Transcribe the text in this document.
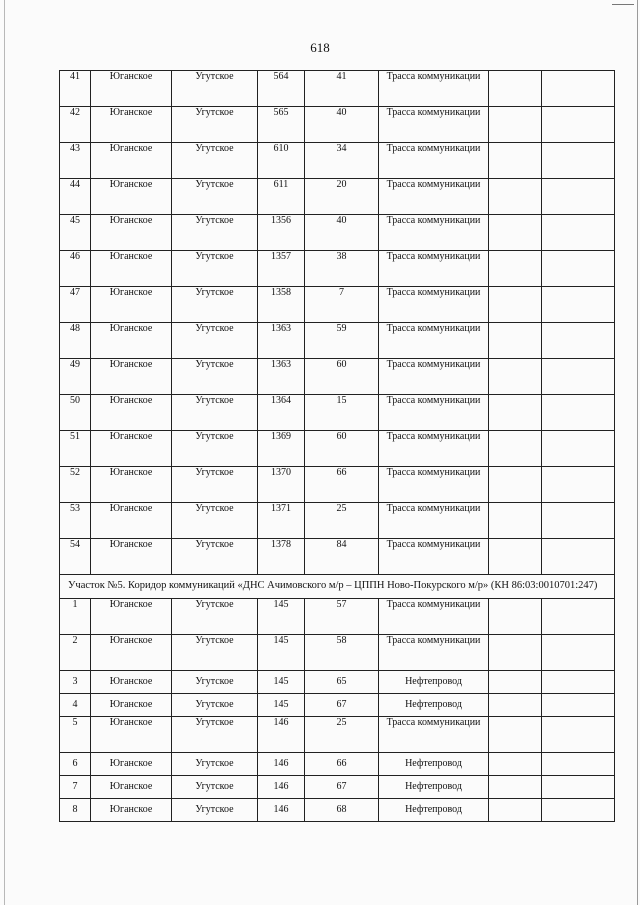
618
41	Юганское	Угутское	564	41	Трасса коммуникации		
42	Юганское	Угутское	565	40	Трасса коммуникации		
43	Юганское	Угутское	610	34	Трасса коммуникации		
44	Юганское	Угутское	611	20	Трасса коммуникации		
45	Юганское	Угутское	1356	40	Трасса коммуникации		
46	Юганское	Угутское	1357	38	Трасса коммуникации		
47	Юганское	Угутское	1358	7	Трасса коммуникации		
48	Юганское	Угутское	1363	59	Трасса коммуникации		
49	Юганское	Угутское	1363	60	Трасса коммуникации		
50	Юганское	Угутское	1364	15	Трасса коммуникации		
51	Юганское	Угутское	1369	60	Трасса коммуникации		
52	Юганское	Угутское	1370	66	Трасса коммуникации		
53	Юганское	Угутское	1371	25	Трасса коммуникации		
54	Юганское	Угутское	1378	84	Трасса коммуникации		
Участок №5. Коридор коммуникаций «ДНС Ачимовского м/р – ЦППН Ново-Покурского м/р» (КН 86:03:0010701:247)							
1	Юганское	Угутское	145	57	Трасса коммуникации		
2	Юганское	Угутское	145	58	Трасса коммуникации		
3	Юганское	Угутское	145	65	Нефтепровод		
4	Юганское	Угутское	145	67	Нефтепровод		
5	Юганское	Угутское	146	25	Трасса коммуникации		
6	Юганское	Угутское	146	66	Нефтепровод		
7	Юганское	Угутское	146	67	Нефтепровод		
8	Юганское	Угутское	146	68	Нефтепровод		
